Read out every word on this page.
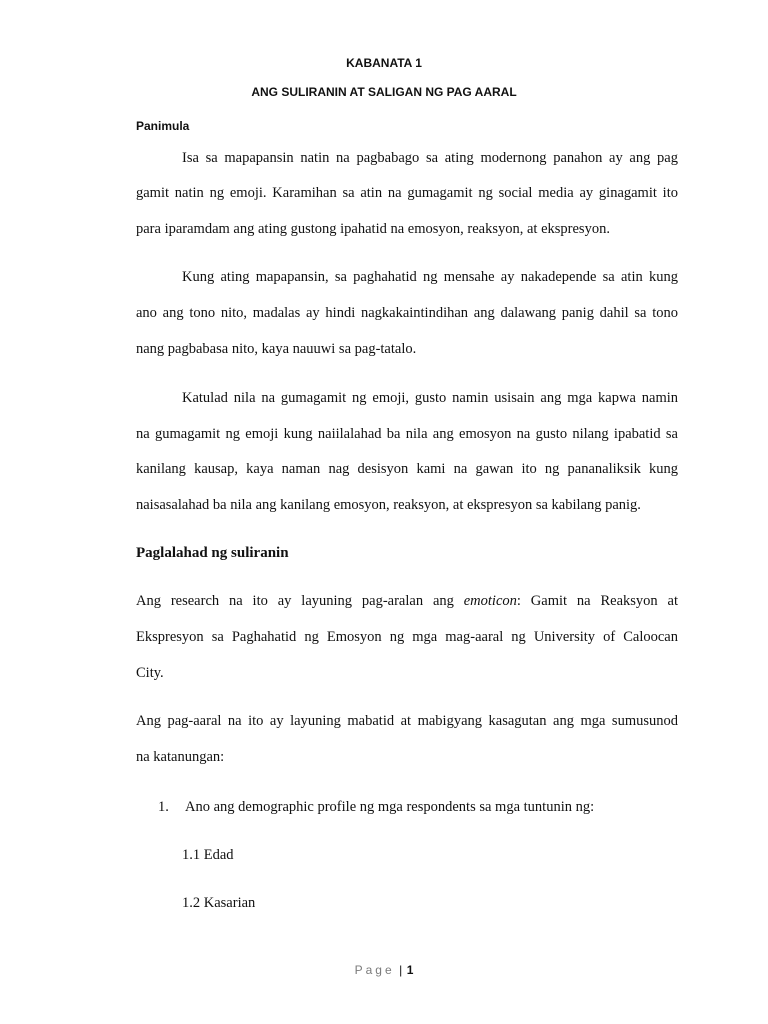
KABANATA 1
ANG SULIRANIN AT SALIGAN NG PAG AARAL
Panimula
Isa sa mapapansin natin na pagbabago sa ating modernong panahon ay ang pag
gamit natin ng emoji. Karamihan sa atin na gumagamit ng social media ay ginagamit ito
para iparamdam ang ating gustong ipahatid na emosyon, reaksyon, at ekspresyon.
Kung ating mapapansin, sa paghahatid ng mensahe ay nakadepende sa atin kung
ano ang tono nito, madalas ay hindi nagkakaintindihan ang dalawang panig dahil sa tono
nang pagbabasa nito, kaya nauuwi sa pag-tatalo.
Katulad nila na gumagamit ng emoji, gusto namin usisain ang mga kapwa namin
na gumagamit ng emoji kung naiilalahad ba nila ang emosyon na gusto nilang ipabatid sa
kanilang kausap, kaya naman nag desisyon kami na gawan ito ng pananaliksik kung
naisasalahad ba nila ang kanilang emosyon, reaksyon, at ekspresyon sa kabilang panig.
Paglalahad ng suliranin
Ang research na ito ay layuning pag-aralan ang emoticon: Gamit na Reaksyon at
Ekspresyon sa Paghahatid ng Emosyon ng mga mag-aaral ng University of Caloocan
City.
Ang pag-aaral na ito ay layuning mabatid at mabigyang kasagutan ang mga sumusunod
na katanungan:
1. Ano ang demographic profile ng mga respondents sa mga tuntunin ng:
1.1 Edad
1.2 Kasarian
Page | 1
